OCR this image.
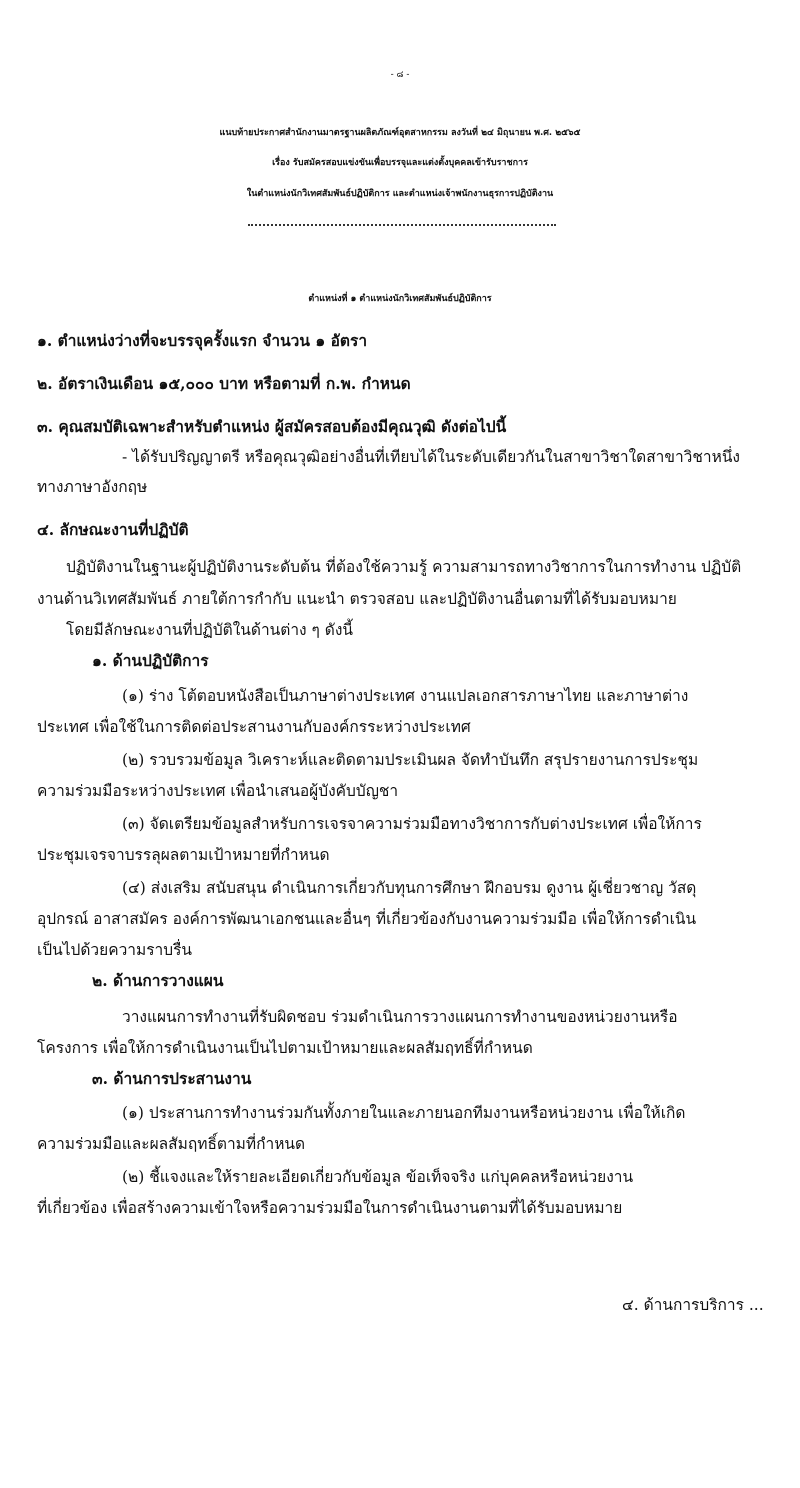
- ๘ -
แนบท้ายประกาศสำนักงานมาตรฐานผลิตภัณฑ์อุตสาหกรรม ลงวันที่ ๒๔ มิถุนายน พ.ศ. ๒๕๖๕
เรื่อง รับสมัครสอบแข่งขันเพื่อบรรจุและแต่งตั้งบุคคลเข้ารับราชการ
ในตำแหน่งนักวิเทศสัมพันธ์ปฏิบัติการ และตำแหน่งเจ้าพนักงานธุรการปฏิบัติงาน
ตำแหน่งที่ ๑ ตำแหน่งนักวิเทศสัมพันธ์ปฏิบัติการ
๑. ตำแหน่งว่างที่จะบรรจุครั้งแรก จำนวน ๑ อัตรา
๒. อัตราเงินเดือน ๑๕,๐๐๐ บาท หรือตามที่ ก.พ. กำหนด
๓. คุณสมบัติเฉพาะสำหรับตำแหน่ง ผู้สมัครสอบต้องมีคุณวุฒิ ดังต่อไปนี้
- ได้รับปริญญาตรี หรือคุณวุฒิอย่างอื่นที่เทียบได้ในระดับเดียวกันในสาขาวิชาใดสาขาวิชาหนึ่ง
ทางภาษาอังกฤษ
๔. ลักษณะงานที่ปฏิบัติ
ปฏิบัติงานในฐานะผู้ปฏิบัติงานระดับต้น ที่ต้องใช้ความรู้ ความสามารถทางวิชาการในการทำงาน ปฏิบัติ
งานด้านวิเทศสัมพันธ์ ภายใต้การกำกับ แนะนำ ตรวจสอบ และปฏิบัติงานอื่นตามที่ได้รับมอบหมาย
โดยมีลักษณะงานที่ปฏิบัติในด้านต่าง ๆ ดังนี้
๑. ด้านปฏิบัติการ
(๑) ร่าง โต้ตอบหนังสือเป็นภาษาต่างประเทศ งานแปลเอกสารภาษาไทย และภาษาต่าง
ประเทศ เพื่อใช้ในการติดต่อประสานงานกับองค์กรระหว่างประเทศ
(๒) รวบรวมข้อมูล วิเคราะห์และติดตามประเมินผล จัดทำบันทึก สรุปรายงานการประชุม
ความร่วมมือระหว่างประเทศ เพื่อนำเสนอผู้บังคับบัญชา
(๓) จัดเตรียมข้อมูลสำหรับการเจรจาความร่วมมือทางวิชาการกับต่างประเทศ เพื่อให้การ
ประชุมเจรจาบรรลุผลตามเป้าหมายที่กำหนด
(๔) ส่งเสริม สนับสนุน ดำเนินการเกี่ยวกับทุนการศึกษา ฝึกอบรม ดูงาน ผู้เชี่ยวชาญ วัสดุ
อุปกรณ์ อาสาสมัคร องค์การพัฒนาเอกชนและอื่นๆ ที่เกี่ยวข้องกับงานความร่วมมือ เพื่อให้การดำเนิน
เป็นไปด้วยความราบรื่น
๒. ด้านการวางแผน
วางแผนการทำงานที่รับผิดชอบ ร่วมดำเนินการวางแผนการทำงานของหน่วยงานหรือ
โครงการ เพื่อให้การดำเนินงานเป็นไปตามเป้าหมายและผลสัมฤทธิ์ที่กำหนด
๓. ด้านการประสานงาน
(๑) ประสานการทำงานร่วมกันทั้งภายในและภายนอกทีมงานหรือหน่วยงาน เพื่อให้เกิด
ความร่วมมือและผลสัมฤทธิ์ตามที่กำหนด
(๒) ชี้แจงและให้รายละเอียดเกี่ยวกับข้อมูล ข้อเท็จจริง แก่บุคคลหรือหน่วยงาน
ที่เกี่ยวข้อง เพื่อสร้างความเข้าใจหรือความร่วมมือในการดำเนินงานตามที่ได้รับมอบหมาย
๔. ด้านการบริการ ...
